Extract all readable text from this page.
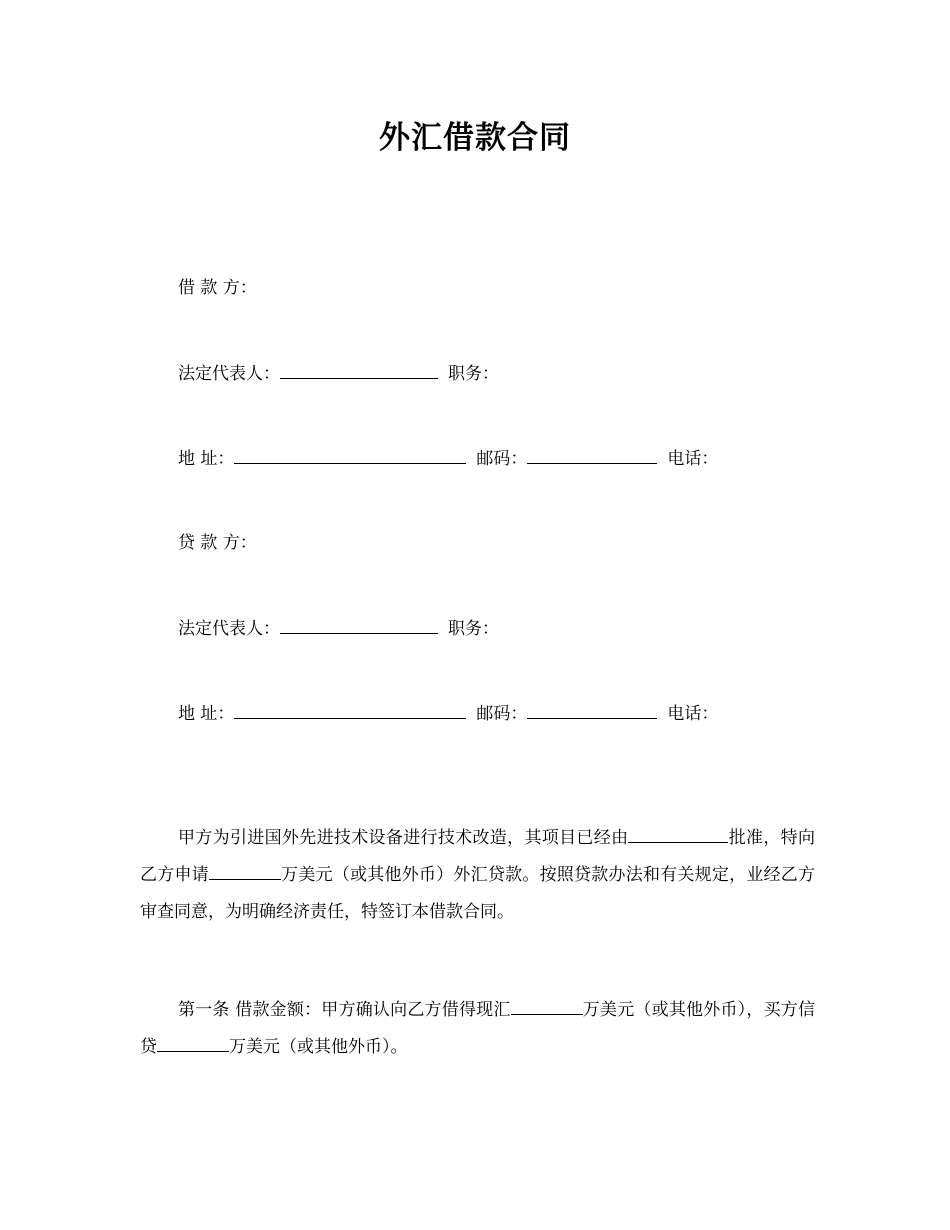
外汇借款合同
借 款 方：
法定代表人：	职务：
地 址：	邮码：	电话：
贷 款 方：
法定代表人：	职务：
地 址：	邮码：	电话：
甲方为引进国外先进技术设备进行技术改造，其项目已经由	批准，特向乙方申请	万美元（或其他外币）外汇贷款。按照贷款办法和有关规定，业经乙方审查同意，为明确经济责任，特签订本借款合同。
第一条 借款金额：甲方确认向乙方借得现汇	万美元（或其他外币），买方信贷	万美元（或其他外币）。
